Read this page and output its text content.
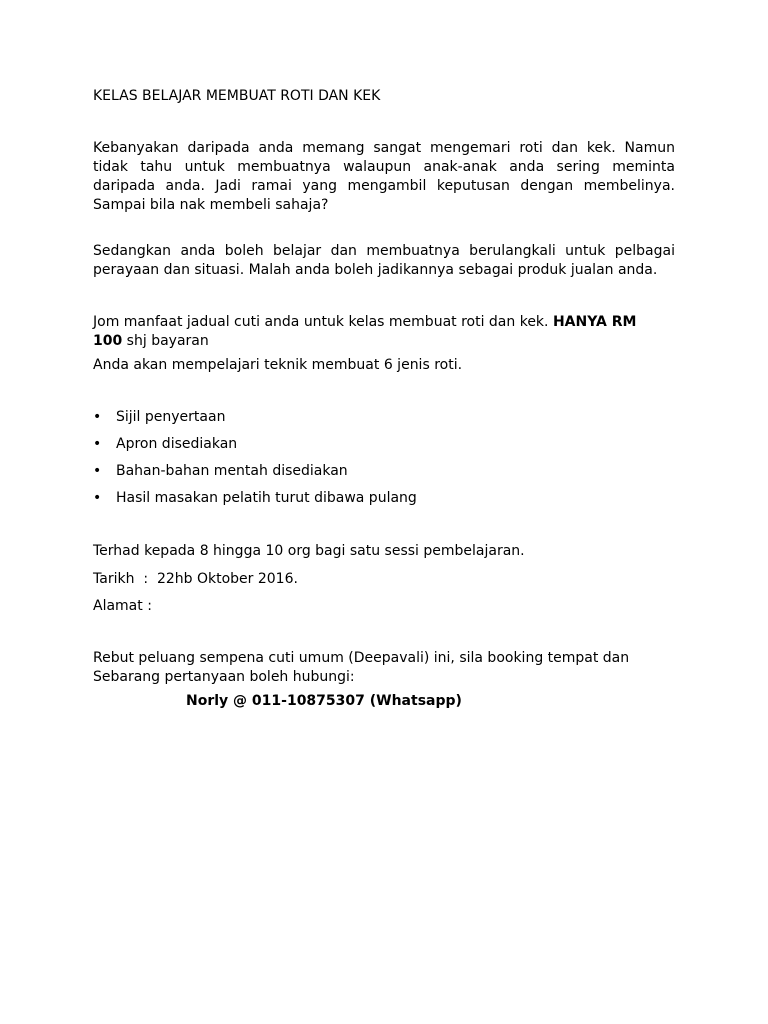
KELAS BELAJAR MEMBUAT ROTI DAN KEK
Kebanyakan daripada anda memang sangat mengemari roti dan kek. Namun
tidak tahu untuk membuatnya walaupun anak-anak anda sering meminta
daripada anda. Jadi ramai yang mengambil keputusan dengan membelinya.
Sampai bila nak membeli sahaja?
Sedangkan anda boleh belajar dan membuatnya berulangkali untuk pelbagai
perayaan dan situasi. Malah anda boleh jadikannya sebagai produk jualan anda.
Jom manfaat jadual cuti anda untuk kelas membuat roti dan kek. HANYA RM
100 shj bayaran
Anda akan mempelajari teknik membuat 6 jenis roti.
• Sijil penyertaan
• Apron disediakan
• Bahan-bahan mentah disediakan
• Hasil masakan pelatih turut dibawa pulang
Terhad kepada 8 hingga 10 org bagi satu sessi pembelajaran.
Tarikh  :  22hb Oktober 2016.
Alamat :
Rebut peluang sempena cuti umum (Deepavali) ini, sila booking tempat dan
Sebarang pertanyaan boleh hubungi:
Norly @ 011-10875307 (Whatsapp)
